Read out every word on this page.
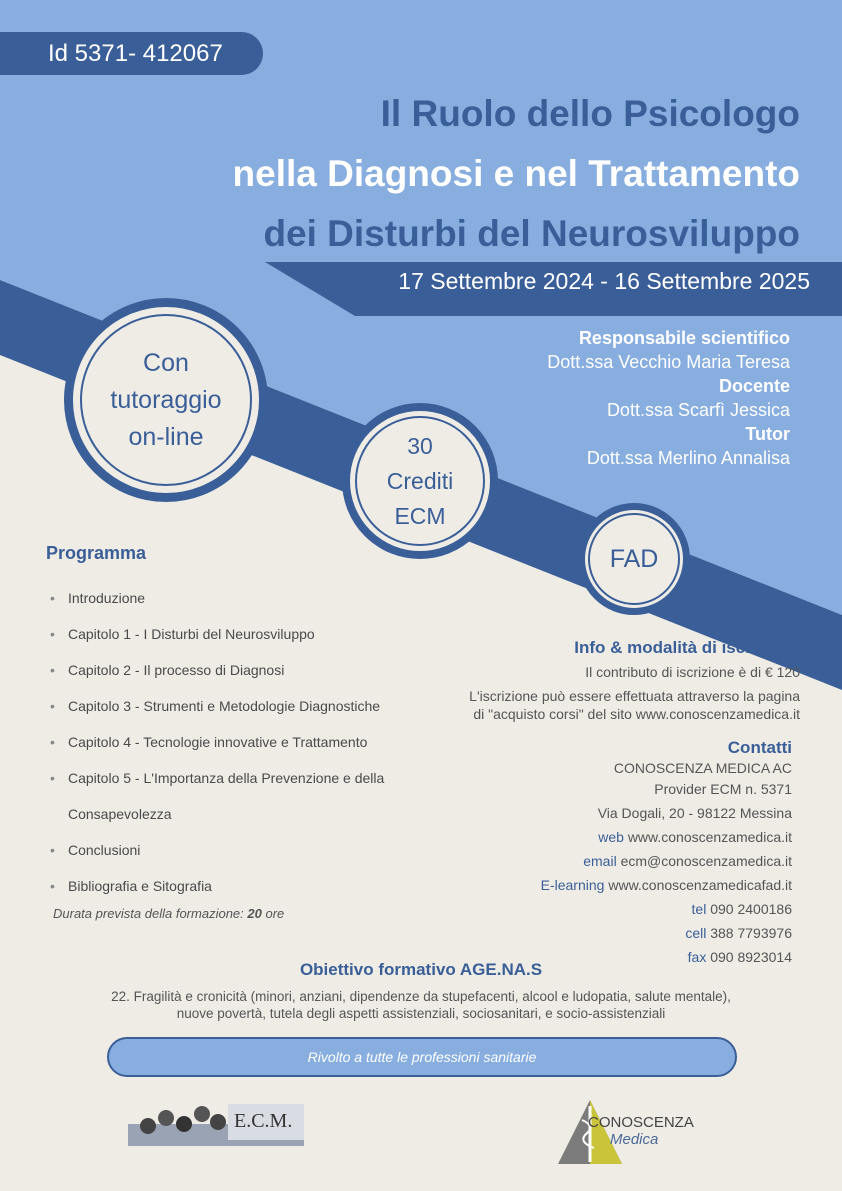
Id 5371- 412067
Il Ruolo dello Psicologo
nella Diagnosi e nel Trattamento
dei Disturbi del Neurosviluppo
17 Settembre 2024 - 16 Settembre 2025
Con
tutoraggio
on-line	30
Crediti
ECM
FAD
Responsabile scientifico
Dott.ssa Vecchio Maria Teresa
Docente
Dott.ssa Scarfì Jessica
Tutor
Dott.ssa Merlino Annalisa
Programma
• Introduzione
• Capitolo 1 - I Disturbi del Neurosviluppo
• Capitolo 2 - Il processo di Diagnosi
• Capitolo 3 - Strumenti e Metodologie Diagnostiche
• Capitolo 4 - Tecnologie innovative e Trattamento
• Capitolo 5 - L'Importanza della Prevenzione e della
Consapevolezza
• Conclusioni
• Bibliografia e Sitografia
Durata prevista della formazione: 20 ore
Info & modalità di iscrizione

Il contributo di iscrizione è di € 120

L'iscrizione può essere effettuata attraverso la pagina

di "acquisto corsi" del sito www.conoscenzamedica.it

Contatti
CONOSCENZA MEDICA AC
Provider ECM n. 5371
Via Dogali, 20 - 98122 Messina
web www.conoscenzamedica.it
email ecm@conoscenzamedica.it
E-learning www.conoscenzamedicafad.it
tel 090 2400186
cell 388 7793976
fax 090 8923014
Obiettivo formativo AGE.NA.S
22. Fragilità e cronicità (minori, anziani, dipendenze da stupefacenti, alcool e ludopatia, salute mentale),
nuove povertà, tutela degli aspetti assistenziali, sociosanitari, e socio-assistenziali
Rivolto a tutte le professioni sanitarie
E.C.M.	CONOSCENZA
Medica
